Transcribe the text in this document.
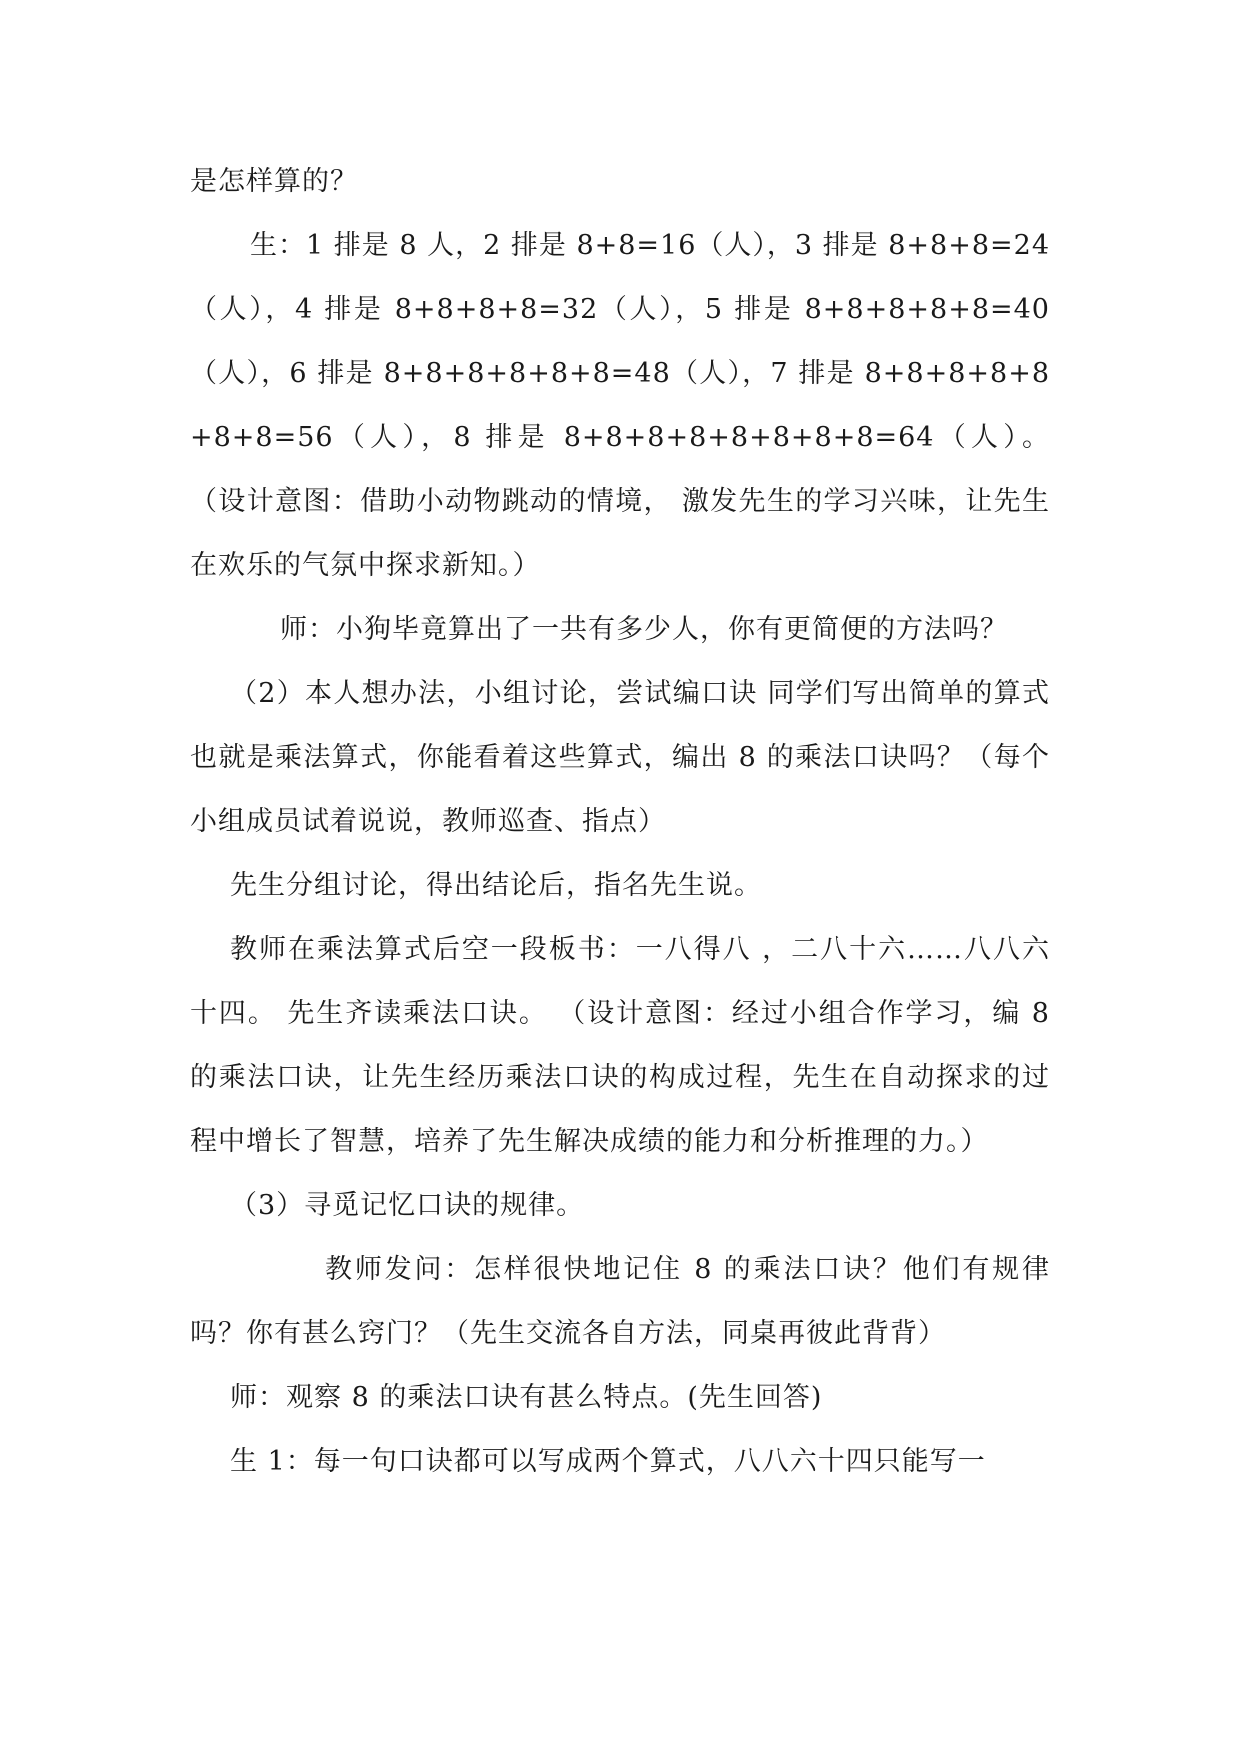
是怎样算的？

生：1 排是 8 人，2 排是 8+8=16（人），3 排是 8+8+8=24（人），4 排是 8+8+8+8=32（人），5 排是 8+8+8+8+8=40（人），6 排是 8+8+8+8+8+8=48（人），7 排是 8+8+8+8+8+8+8=56（人），8 排是 8+8+8+8+8+8+8+8=64（人）。 （设计意图：借助小动物跳动的情境， 激发先生的学习兴味，让先生在欢乐的气氛中探求新知。）

师：小狗毕竟算出了一共有多少人，你有更简便的方法吗？

（2）本人想办法，小组讨论，尝试编口诀 同学们写出简单的算式也就是乘法算式，你能看着这些算式，编出 8 的乘法口诀吗？（每个小组成员试着说说，教师巡查、指点）

先生分组讨论，得出结论后，指名先生说。

教师在乘法算式后空一段板书：一八得八 ，二八十六……八八六十四。 先生齐读乘法口诀。 （设计意图：经过小组合作学习，编 8 的乘法口诀，让先生经历乘法口诀的构成过程，先生在自动探求的过程中增长了智慧，培养了先生解决成绩的能力和分析推理的力。）

（3）寻觅记忆口诀的规律。

教师发问：怎样很快地记住 8 的乘法口诀？他们有规律吗？你有甚么窍门？（先生交流各自方法，同桌再彼此背背）

师：观察 8 的乘法口诀有甚么特点。(先生回答)

生 1：每一句口诀都可以写成两个算式，八八六十四只能写一
